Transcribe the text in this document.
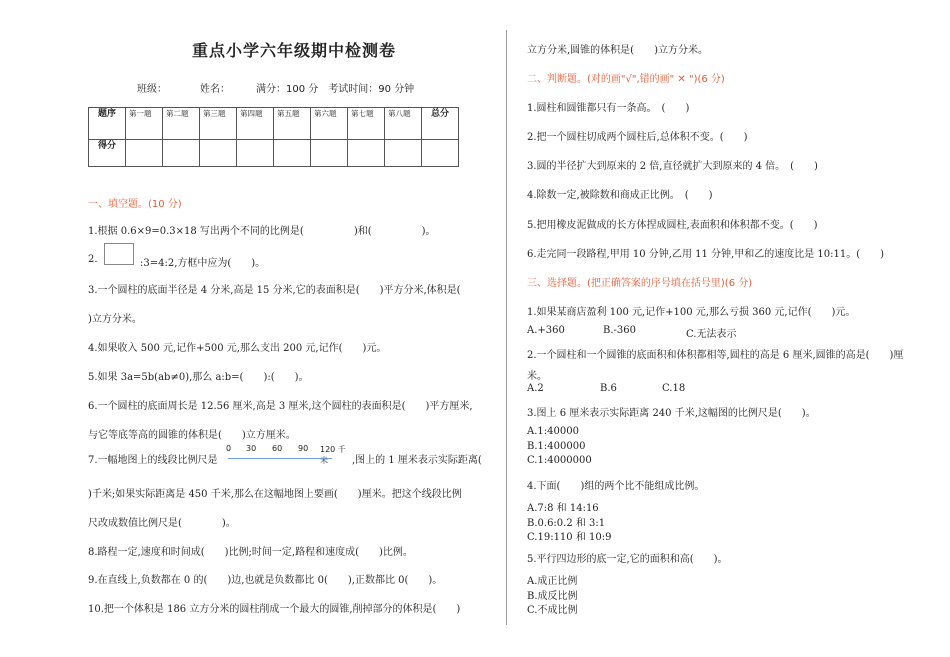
重点小学六年级期中检测卷
班级：	姓名：	满分：100 分　考试时间：90 分钟
题序	第一题	第二题	第三题	第四题	第五题	第六题	第七题	第八题	总分
得分									
一、填空题。(10 分)
1.根据 0.6×9=0.3×18 写出两个不同的比例是(　　　　　)和(　　　　　)。
2.	:3=4:2,方框中应为(　　)。
3.一个圆柱的底面半径是 4 分米,高是 15 分米,它的表面积是(　　)平方分米,体积是(
)立方分米。
4.如果收入 500 元,记作+500 元,那么支出 200 元,记作(　　)元。
5.如果 3a=5b(ab≠0),那么 a:b=(　　):(　　)。
6.一个圆柱的底面周长是 12.56 厘米,高是 3 厘米,这个圆柱的表面积是(　　)平方厘米,
与它等底等高的圆锥的体积是(　　)立方厘米。
7.一幅地图上的线段比例尺是
0 30 60 90 120 千米	,图上的 1 厘米表示实际距离(
)千米;如果实际距离是 450 千米,那么在这幅地图上要画(　　)厘米。把这个线段比例
尺改成数值比例尺是(　　　　)。
8.路程一定,速度和时间成(　　)比例;时间一定,路程和速度成(　　)比例。
9.在直线上,负数都在 0 的(　　)边,也就是负数都比 0(　　),正数都比 0(　　)。
10.把一个体积是 186 立方分米的圆柱削成一个最大的圆锥,削掉部分的体积是(　　)
立方分米,圆锥的体积是(　　)立方分米。
二、判断题。(对的画"√",错的画" ✕ ")(6 分)
1.圆柱和圆锥都只有一条高。　(　　)
2.把一个圆柱切成两个圆柱后,总体积不变。(　　)
3.圆的半径扩大到原来的 2 倍,直径就扩大到原来的 4 倍。　(　　)
4.除数一定,被除数和商成正比例。　(　　)
5.把用橡皮泥做成的长方体捏成圆柱,表面积和体积都不变。(　　)
6.走完同一段路程,甲用 10 分钟,乙用 11 分钟,甲和乙的速度比是 10:11。(　　)
三、选择题。(把正确答案的序号填在括号里)(6 分)
1.如果某商店盈利 100 元,记作+100 元,那么亏损 360 元,记作(　　)元。
A.+360	B.-360	C.无法表示
2.一个圆柱和一个圆锥的底面积和体积都相等,圆柱的高是 6 厘米,圆锥的高是(　　)厘
米。
A.2	B.6	C.18
3.图上 6 厘米表示实际距离 240 千米,这幅图的比例尺是(　　)。
A.1:40000
B.1:400000
C.1:4000000
4.下面(　　)组的两个比不能组成比例。
A.7:8 和 14:16
B.0.6:0.2 和 3:1
C.19:110 和 10:9
5.平行四边形的底一定,它的面积和高(　　)。
A.成正比例
B.成反比例
C.不成比例
